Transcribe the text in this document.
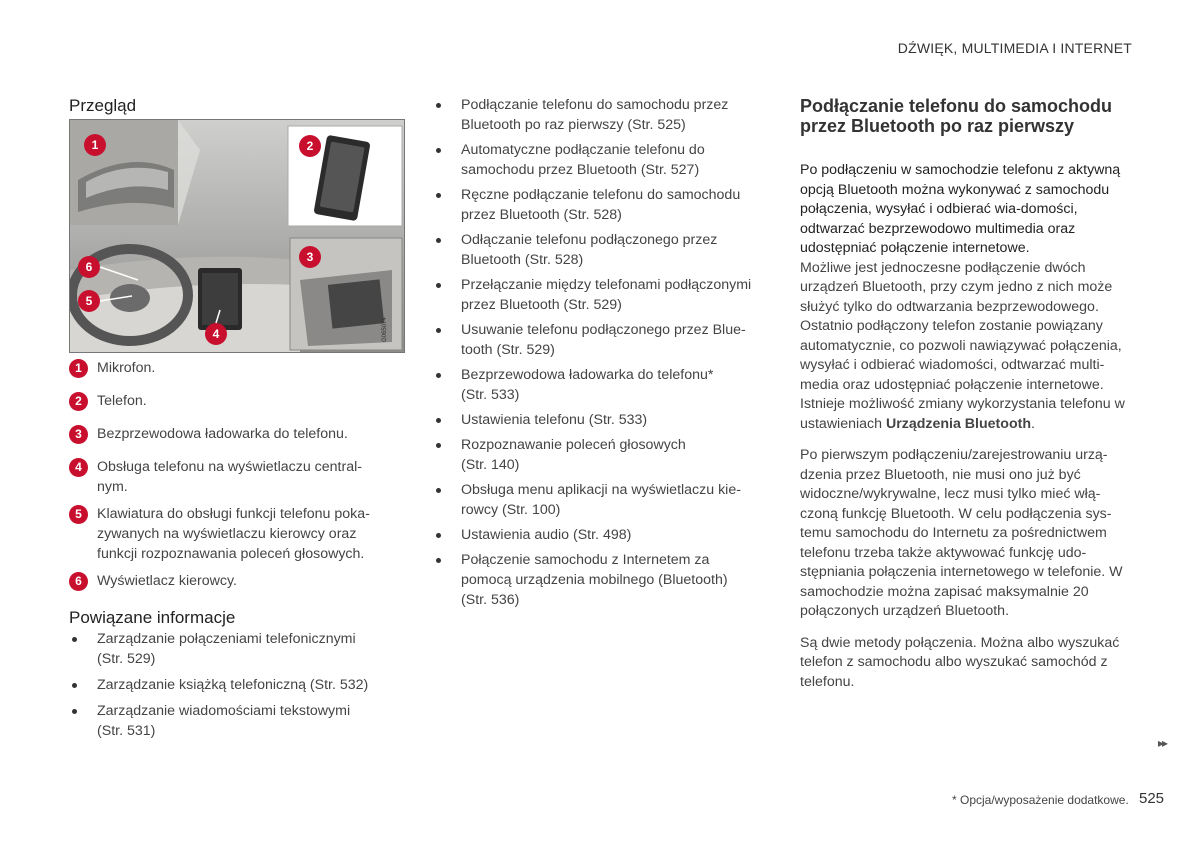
DŹWIĘK, MULTIMEDIA I INTERNET
Przegląd
G065074
1	2
3
4
5
6
1	Mikrofon.
2	Telefon.
3	Bezprzewodowa ładowarka do telefonu.
4	Obsługa telefonu na wyświetlaczu central-nym.
5	Klawiatura do obsługi funkcji telefonu poka-zywanych na wyświetlaczu kierowcy oraz funkcji rozpoznawania poleceń głosowych.
6	Wyświetlacz kierowcy.
Powiązane informacje
Zarządzanie połączeniami telefonicznymi (Str. 529)
Zarządzanie książką telefoniczną (Str. 532)
Zarządzanie wiadomościami tekstowymi (Str. 531)
Podłączanie telefonu do samochodu przez Bluetooth po raz pierwszy (Str. 525)
Automatyczne podłączanie telefonu do samochodu przez Bluetooth (Str. 527)
Ręczne podłączanie telefonu do samochodu przez Bluetooth (Str. 528)
Odłączanie telefonu podłączonego przez Bluetooth (Str. 528)
Przełączanie między telefonami podłączonymi przez Bluetooth (Str. 529)
Usuwanie telefonu podłączonego przez Blue-tooth (Str. 529)
Bezprzewodowa ładowarka do telefonu* (Str. 533)
Ustawienia telefonu (Str. 533)
Rozpoznawanie poleceń głosowych (Str. 140)
Obsługa menu aplikacji na wyświetlaczu kie-rowcy (Str. 100)
Ustawienia audio (Str. 498)
Połączenie samochodu z Internetem za pomocą urządzenia mobilnego (Bluetooth) (Str. 536)
Podłączanie telefonu do samochodu przez Bluetooth po raz pierwszy

Po podłączeniu w samochodzie telefonu z aktywną opcją Bluetooth można wykonywać z samochodu połączenia, wysyłać i odbierać wia-domości, odtwarzać bezprzewodowo multimedia oraz udostępniać połączenie internetowe.

Możliwe jest jednoczesne podłączenie dwóch urządzeń Bluetooth, przy czym jedno z nich może służyć tylko do odtwarzania bezprzewodowego. Ostatnio podłączony telefon zostanie powiązany automatycznie, co pozwoli nawiązywać połączenia, wysyłać i odbierać wiadomości, odtwarzać multi-media oraz udostępniać połączenie internetowe. Istnieje możliwość zmiany wykorzystania telefonu w ustawieniach Urządzenia Bluetooth.

Po pierwszym podłączeniu/zarejestrowaniu urzą-dzenia przez Bluetooth, nie musi ono już być widoczne/wykrywalne, lecz musi tylko mieć włą-czoną funkcję Bluetooth. W celu podłączenia sys-temu samochodu do Internetu za pośrednictwem telefonu trzeba także aktywować funkcję udo-stępniania połączenia internetowego w telefonie. W samochodzie można zapisać maksymalnie 20 połączonych urządzeń Bluetooth.

Są dwie metody połączenia. Można albo wyszukać telefon z samochodu albo wyszukać samochód z telefonu.

▸▸
* Opcja/wyposażenie dodatkowe. 525
